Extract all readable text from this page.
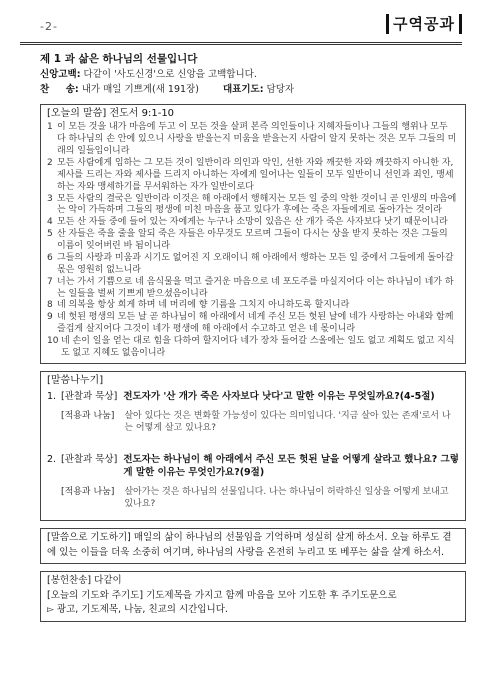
-2-	구역공과
제 1 과 삶은 하나님의 선물입니다
신앙고백: 다같이 '사도신경'으로 신앙을 고백합니다.
찬     송: 내가 매일 기쁘게(새 191장)	대표기도: 담당자
[오늘의 말씀] 전도서 9:1-10
1 이 모든 것을 내가 마음에 두고 이 모든 것을 살펴 본즉 의인들이나 지혜자들이나 그들의 행위나 모두 다 하나님의 손 안에 있으니 사랑을 받을는지 미움을 받을는지 사람이 알지 못하는 것은 모두 그들의 미래의 일들임이니라
2 모든 사람에게 임하는 그 모든 것이 일반이라 의인과 악인, 선한 자와 깨끗한 자와 깨끗하지 아니한 자, 제사를 드리는 자와 제사를 드리지 아니하는 자에게 일어나는 일들이 모두 일반이니 선인과 죄인, 맹세하는 자와 맹세하기를 무서워하는 자가 일반이로다
3 모든 사람의 결국은 일반이라 이것은 해 아래에서 행해지는 모든 일 중의 악한 것이니 곧 인생의 마음에는 악이 가득하며 그들의 평생에 미친 마음을 품고 있다가 후에는 죽은 자들에게로 돌아가는 것이라
4 모든 산 자들 중에 들어 있는 자에게는 누구나 소망이 있음은 산 개가 죽은 사자보다 낫기 때문이니라
5 산 자들은 죽을 줄을 알되 죽은 자들은 아무것도 모르며 그들이 다시는 상을 받지 못하는 것은 그들의 이름이 잊어버린 바 됨이니라
6 그들의 사랑과 미움과 시기도 없어진 지 오래이니 해 아래에서 행하는 모든 일 중에서 그들에게 돌아갈 몫은 영원히 없느니라
7 너는 가서 기쁨으로 네 음식물을 먹고 즐거운 마음으로 네 포도주를 마실지어다 이는 하나님이 네가 하는 일들을 벌써 기쁘게 받으셨음이니라
8 네 의복을 항상 희게 하며 네 머리에 향 기름을 그치지 아니하도록 할지니라
9 네 헛된 평생의 모든 날 곧 하나님이 해 아래에서 네게 주신 모든 헛된 날에 네가 사랑하는 아내와 함께 즐겁게 살지어다 그것이 네가 평생에 해 아래에서 수고하고 얻은 네 몫이니라
10 네 손이 일을 얻는 대로 힘을 다하여 할지어다 네가 장차 들어갈 스올에는 일도 없고 계획도 없고 지식도 없고 지혜도 없음이니라
[말씀나누기]
1. [관찰과 묵상] 전도자가 '산 개가 죽은 사자보다 낫다'고 말한 이유는 무엇일까요?(4-5절)
[적용과 나눔] 살아 있다는 것은 변화할 가능성이 있다는 의미입니다. '지금 살아 있는 존재'로서 나는 어떻게 살고 있나요?
2. [관찰과 묵상] 전도자는 하나님이 해 아래에서 주신 모든 헛된 날을 어떻게 살라고 했나요? 그렇게 말한 이유는 무엇인가요?(9절)
[적용과 나눔] 살아가는 것은 하나님의 선물입니다. 나는 하나님이 허락하신 일상을 어떻게 보내고 있나요?
[말씀으로 기도하기] 매일의 삶이 하나님의 선물임을 기억하며 성실히 살게 하소서. 오늘 하루도 곁에 있는 이들을 더욱 소중히 여기며, 하나님의 사랑을 온전히 누리고 또 베푸는 삶을 살게 하소서.
[봉헌찬송] 다같이
[오늘의 기도와 주기도] 기도제목을 가지고 함께 마음을 모아 기도한 후 주기도문으로
▻ 광고, 기도제목, 나눔, 친교의 시간입니다.
